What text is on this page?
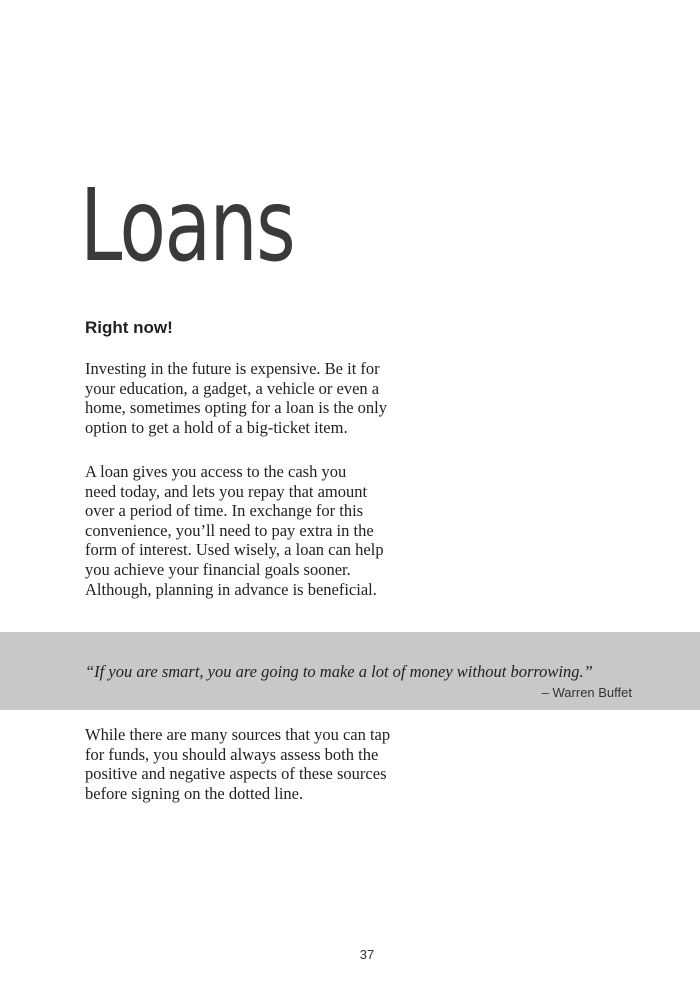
Loans
Right now!

Investing in the future is expensive. Be it for
your education, a gadget, a vehicle or even a
home, sometimes opting for a loan is the only
option to get a hold of a big-ticket item.

A loan gives you access to the cash you
need today, and lets you repay that amount
over a period of time. In exchange for this
convenience, you’ll need to pay extra in the
form of interest. Used wisely, a loan can help
you achieve your financial goals sooner.
Although, planning in advance is beneficial.

“If you are smart, you are going to make a lot of money without borrowing.”

– Warren Buffet

While there are many sources that you can tap
for funds, you should always assess both the
positive and negative aspects of these sources
before signing on the dotted line.

37
